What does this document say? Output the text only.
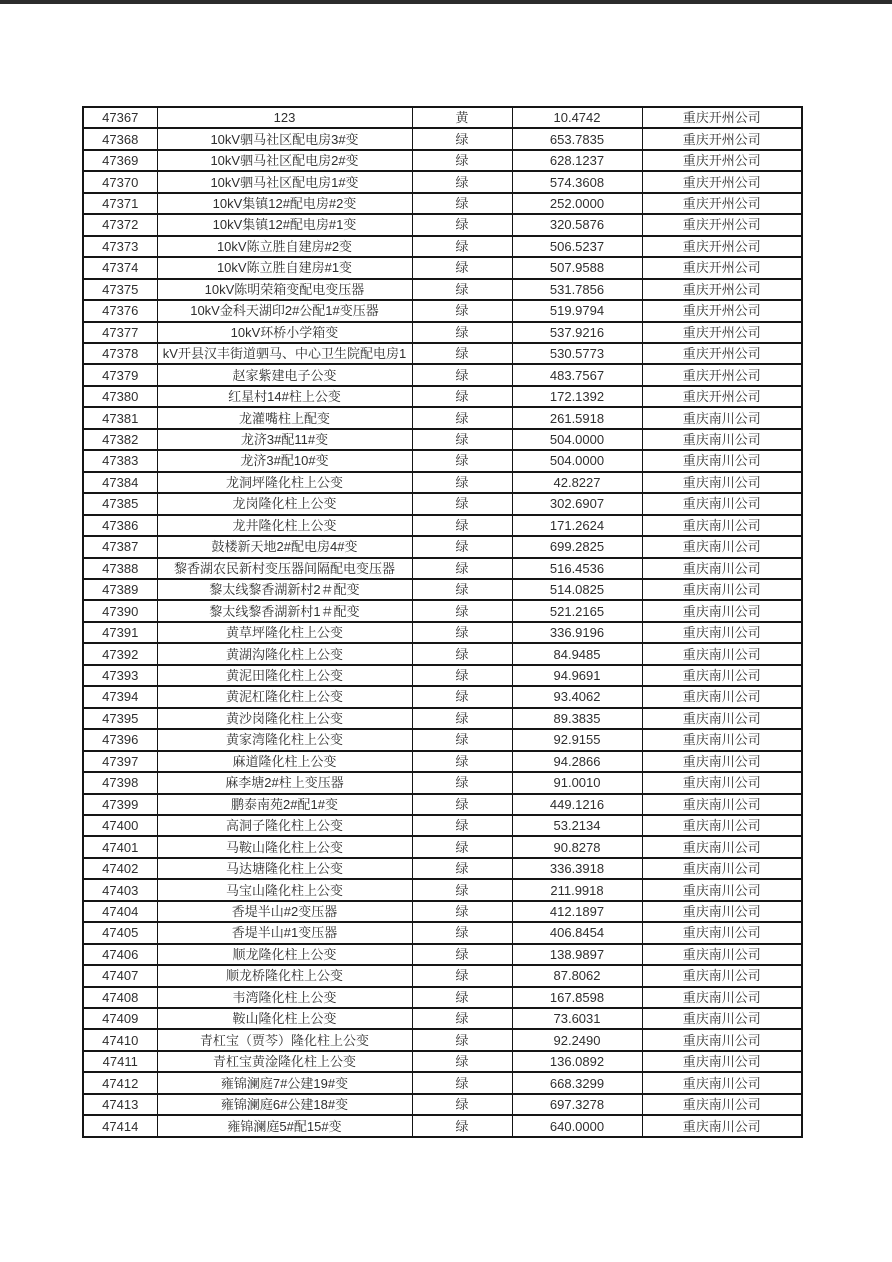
47367	123	黄	10.4742	重庆开州公司
47368	10kV驷马社区配电房3#变	绿	653.7835	重庆开州公司
47369	10kV驷马社区配电房2#变	绿	628.1237	重庆开州公司
47370	10kV驷马社区配电房1#变	绿	574.3608	重庆开州公司
47371	10kV集镇12#配电房#2变	绿	252.0000	重庆开州公司
47372	10kV集镇12#配电房#1变	绿	320.5876	重庆开州公司
47373	10kV陈立胜自建房#2变	绿	506.5237	重庆开州公司
47374	10kV陈立胜自建房#1变	绿	507.9588	重庆开州公司
47375	10kV陈明荣箱变配电变压器	绿	531.7856	重庆开州公司
47376	10kV金科天湖印2#公配1#变压器	绿	519.9794	重庆开州公司
47377	10kV环桥小学箱变	绿	537.9216	重庆开州公司
47378	kV开县汉丰街道驷马、中心卫生院配电房1	绿	530.5773	重庆开州公司
47379	赵家紫建电子公变	绿	483.7567	重庆开州公司
47380	红星村14#柱上公变	绿	172.1392	重庆开州公司
47381	龙灌嘴柱上配变	绿	261.5918	重庆南川公司
47382	龙济3#配11#变	绿	504.0000	重庆南川公司
47383	龙济3#配10#变	绿	504.0000	重庆南川公司
47384	龙洞坪隆化柱上公变	绿	42.8227	重庆南川公司
47385	龙岗隆化柱上公变	绿	302.6907	重庆南川公司
47386	龙井隆化柱上公变	绿	171.2624	重庆南川公司
47387	鼓楼新天地2#配电房4#变	绿	699.2825	重庆南川公司
47388	黎香湖农民新村变压器间隔配电变压器	绿	516.4536	重庆南川公司
47389	黎太线黎香湖新村2＃配变	绿	514.0825	重庆南川公司
47390	黎太线黎香湖新村1＃配变	绿	521.2165	重庆南川公司
47391	黄草坪隆化柱上公变	绿	336.9196	重庆南川公司
47392	黄湖沟隆化柱上公变	绿	84.9485	重庆南川公司
47393	黄泥田隆化柱上公变	绿	94.9691	重庆南川公司
47394	黄泥杠隆化柱上公变	绿	93.4062	重庆南川公司
47395	黄沙岗隆化柱上公变	绿	89.3835	重庆南川公司
47396	黄家湾隆化柱上公变	绿	92.9155	重庆南川公司
47397	麻道隆化柱上公变	绿	94.2866	重庆南川公司
47398	麻李塘2#柱上变压器	绿	91.0010	重庆南川公司
47399	鹏泰南苑2#配1#变	绿	449.1216	重庆南川公司
47400	高洞子隆化柱上公变	绿	53.2134	重庆南川公司
47401	马鞍山隆化柱上公变	绿	90.8278	重庆南川公司
47402	马达塘隆化柱上公变	绿	336.3918	重庆南川公司
47403	马宝山隆化柱上公变	绿	211.9918	重庆南川公司
47404	香堤半山#2变压器	绿	412.1897	重庆南川公司
47405	香堤半山#1变压器	绿	406.8454	重庆南川公司
47406	顺龙隆化柱上公变	绿	138.9897	重庆南川公司
47407	顺龙桥隆化柱上公变	绿	87.8062	重庆南川公司
47408	韦湾隆化柱上公变	绿	167.8598	重庆南川公司
47409	鞍山隆化柱上公变	绿	73.6031	重庆南川公司
47410	青杠宝（贾芩）隆化柱上公变	绿	92.2490	重庆南川公司
47411	青杠宝黄淦隆化柱上公变	绿	136.0892	重庆南川公司
47412	雍锦澜庭7#公建19#变	绿	668.3299	重庆南川公司
47413	雍锦澜庭6#公建18#变	绿	697.3278	重庆南川公司
47414	雍锦澜庭5#配15#变	绿	640.0000	重庆南川公司
